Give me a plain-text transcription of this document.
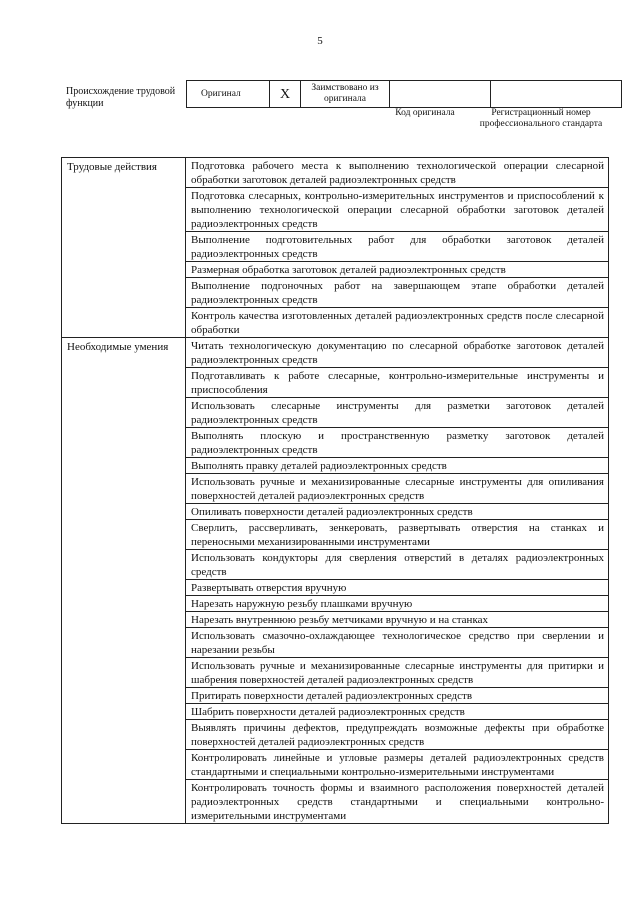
5
Происхождение трудовой функции
Оригинал	X	Заимствовано из оригинала		
Код оригинала	Регистрационный номер профессионального стандарта
Трудовые действия	Подготовка рабочего места к выполнению технологической операции слесарной обработки заготовок деталей радиоэлектронных средств
	Подготовка слесарных, контрольно-измерительных инструментов и приспособлений к выполнению технологической операции слесарной обработки заготовок деталей радиоэлектронных средств
	Выполнение подготовительных работ для обработки заготовок деталей радиоэлектронных средств
	Размерная обработка заготовок деталей радиоэлектронных средств
	Выполнение подгоночных работ на завершающем этапе обработки деталей радиоэлектронных средств
	Контроль качества изготовленных деталей радиоэлектронных средств после слесарной обработки
Необходимые умения	Читать технологическую документацию по слесарной обработке заготовок деталей радиоэлектронных средств
	Подготавливать к работе слесарные, контрольно-измерительные инструменты и приспособления
	Использовать слесарные инструменты для разметки заготовок деталей радиоэлектронных средств
	Выполнять плоскую и пространственную разметку заготовок деталей радиоэлектронных средств
	Выполнять правку деталей радиоэлектронных средств
	Использовать ручные и механизированные слесарные инструменты для опиливания поверхностей деталей радиоэлектронных средств
	Опиливать поверхности деталей радиоэлектронных средств
	Сверлить, рассверливать, зенкеровать, развертывать отверстия на станках и переносными механизированными инструментами
	Использовать кондукторы для сверления отверстий в деталях радиоэлектронных средств
	Развертывать отверстия вручную
	Нарезать наружную резьбу плашками вручную
	Нарезать внутреннюю резьбу метчиками вручную и на станках
	Использовать смазочно-охлаждающее технологическое средство при сверлении и нарезании резьбы
	Использовать ручные и механизированные слесарные инструменты для притирки и шабрения поверхностей деталей радиоэлектронных средств
	Притирать поверхности деталей радиоэлектронных средств
	Шабрить поверхности деталей радиоэлектронных средств
	Выявлять причины дефектов, предупреждать возможные дефекты при обработке поверхностей деталей радиоэлектронных средств
	Контролировать линейные и угловые размеры деталей радиоэлектронных средств стандартными и специальными контрольно-измерительными инструментами
	Контролировать точность формы и взаимного расположения поверхностей деталей радиоэлектронных средств стандартными и специальными контрольно-измерительными инструментами
